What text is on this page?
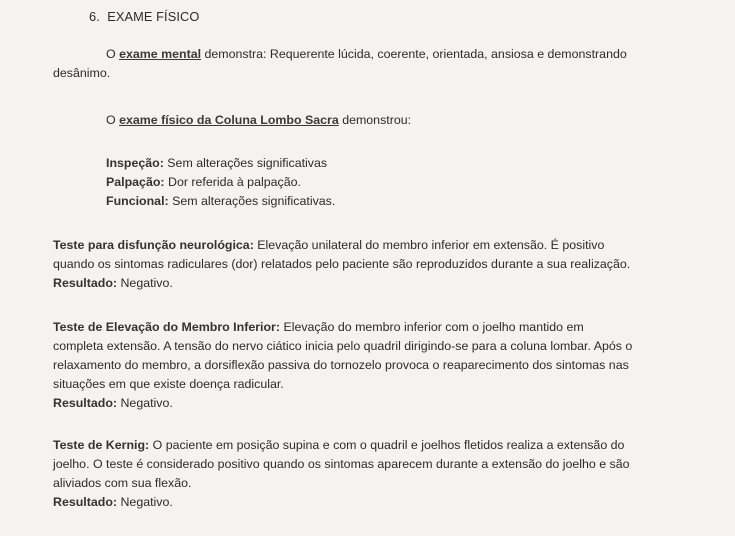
6. EXAME FÍSICO
O exame mental demonstra: Requerente lúcida, coerente, orientada, ansiosa e demonstrando
desânimo.
O exame físico da Coluna Lombo Sacra demonstrou:
Inspeção: Sem alterações significativas
Palpação: Dor referida à palpação.
Funcional: Sem alterações significativas.
Teste para disfunção neurológica: Elevação unilateral do membro inferior em extensão. É positivo
quando os sintomas radiculares (dor) relatados pelo paciente são reproduzidos durante a sua realização.
Resultado: Negativo.
Teste de Elevação do Membro Inferior: Elevação do membro inferior com o joelho mantido em
completa extensão. A tensão do nervo ciático inicia pelo quadril dirigindo-se para a coluna lombar. Após o
relaxamento do membro, a dorsiflexão passiva do tornozelo provoca o reaparecimento dos sintomas nas
situações em que existe doença radicular.
Resultado: Negativo.
Teste de Kernig: O paciente em posição supina e com o quadril e joelhos fletidos realiza a extensão do
joelho. O teste é considerado positivo quando os sintomas aparecem durante a extensão do joelho e são
aliviados com sua flexão.
Resultado: Negativo.
